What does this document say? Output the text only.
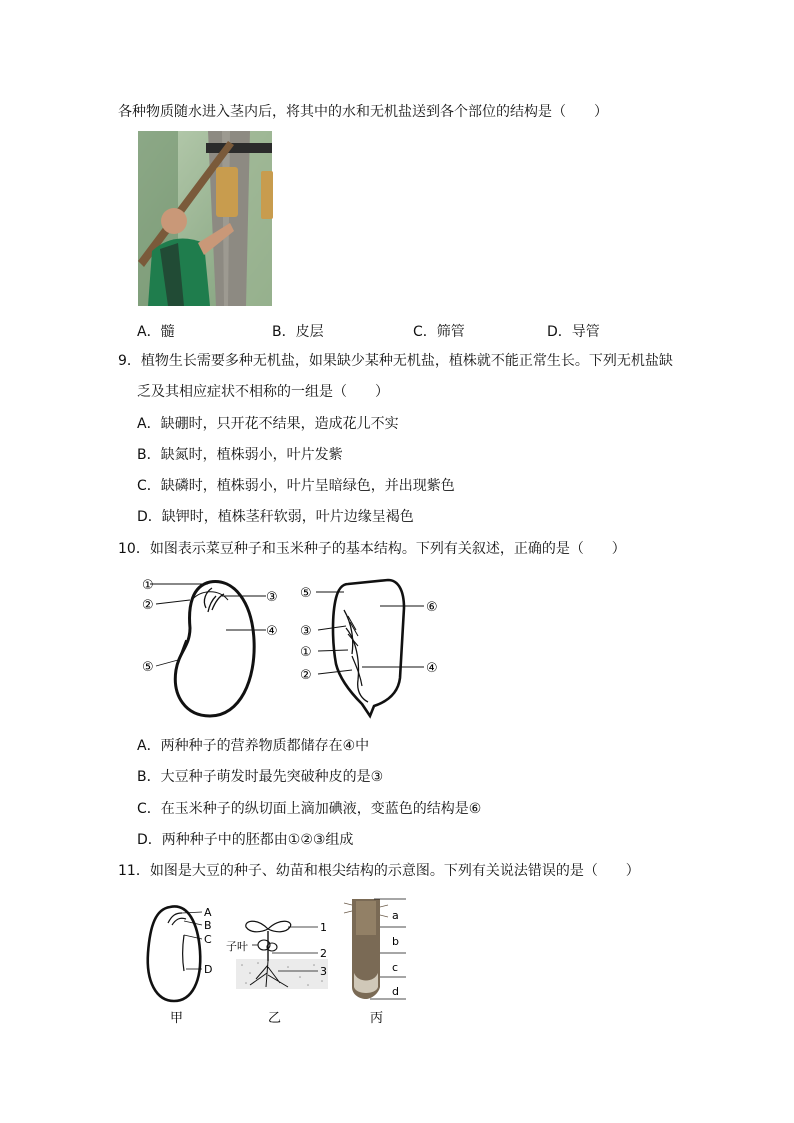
各种物质随水进入茎内后，将其中的水和无机盐送到各个部位的结构是（　　）
A．髓	B．皮层	C．筛管	D．导管
9．植物生长需要多种无机盐，如果缺少某种无机盐，植株就不能正常生长。下列无机盐缺
乏及其相应症状不相称的一组是（　　）
A．缺硼时，只开花不结果，造成花儿不实
B．缺氮时，植株弱小，叶片发紫
C．缺磷时，植株弱小，叶片呈暗绿色，并出现紫色
D．缺钾时，植株茎秆软弱，叶片边缘呈褐色
10．如图表示菜豆种子和玉米种子的基本结构。下列有关叙述，正确的是（　　）
①
②
③
④
⑤
⑤
⑥
③
①
②	④
A．两种种子的营养物质都储存在④中
B．大豆种子萌发时最先突破种皮的是③
C．在玉米种子的纵切面上滴加碘液，变蓝色的结构是⑥
D．两种种子中的胚都由①②③组成
11．如图是大豆的种子、幼苗和根尖结构的示意图。下列有关说法错误的是（　　）
A
B
C
D
甲
子叶
1
2
3
乙
a
b
c
d
丙
